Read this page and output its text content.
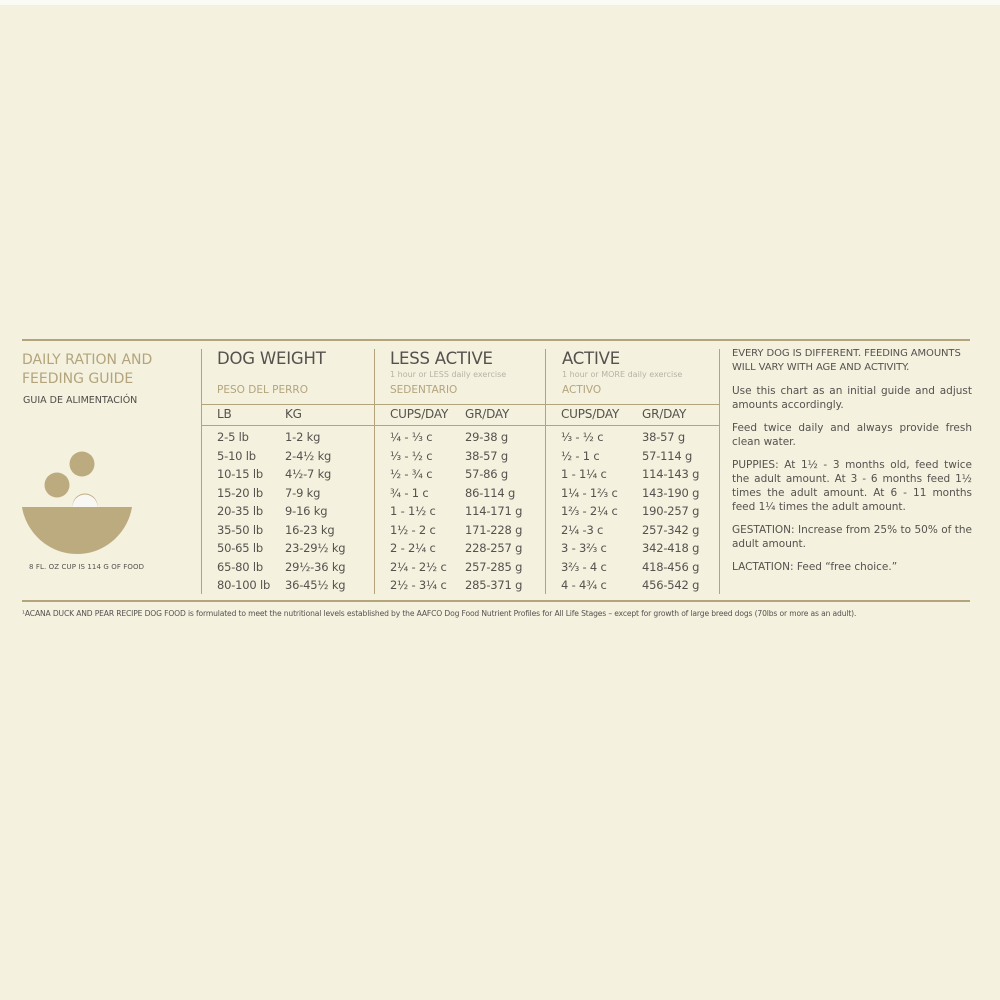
DAILY RATION AND FEEDING GUIDE
GUIA DE ALIMENTACIÓN
8 FL. OZ CUP IS 114 G OF FOOD
DOG WEIGHT
PESO DEL PERRO
LB	KG
LESS ACTIVE
1 hour or LESS daily exercise
SEDENTARIO
CUPS/DAY GR/DAY
ACTIVE
1 hour or MORE daily exercise
ACTIVO
CUPS/DAY GR/DAY
2-5 lb	1-2 kg	¼ - ⅓ c	29-38 g	⅓ - ½ c	38-57 g
5-10 lb	2-4½ kg	⅓ - ½ c	38-57 g	½ - 1 c	57-114 g
10-15 lb	4½-7 kg	½ - ¾ c	57-86 g	1 - 1¼ c	114-143 g
15-20 lb	7-9 kg	¾ - 1 c	86-114 g	1¼ - 1⅔ c	143-190 g
20-35 lb	9-16 kg	1 - 1½ c	114-171 g	1⅔ - 2¼ c	190-257 g
35-50 lb	16-23 kg	1½ - 2 c	171-228 g	2¼ -3 c	257-342 g
50-65 lb	23-29½ kg	2 - 2¼ c	228-257 g	3 - 3⅔ c	342-418 g
65-80 lb	29½-36 kg	2¼ - 2½ c	257-285 g	3⅔ - 4 c	418-456 g
80-100 lb	36-45½ kg	2½ - 3¼ c	285-371 g	4 - 4¾ c	456-542 g

EVERY DOG IS DIFFERENT. FEEDING AMOUNTS WILL VARY WITH AGE AND ACTIVITY.

Use this chart as an initial guide and adjust amounts accordingly.

Feed twice daily and always provide fresh clean water.

PUPPIES: At 1½ - 3 months old, feed twice the adult amount. At 3 - 6 months feed 1½ times the adult amount. At 6 - 11 months feed 1¼ times the adult amount.

GESTATION: Increase from 25% to 50% of the adult amount.

LACTATION: Feed “free choice.”

¹ACANA DUCK AND PEAR RECIPE DOG FOOD is formulated to meet the nutritional levels established by the AAFCO Dog Food Nutrient Profiles for All Life Stages – except for growth of large breed dogs (70lbs or more as an adult).
